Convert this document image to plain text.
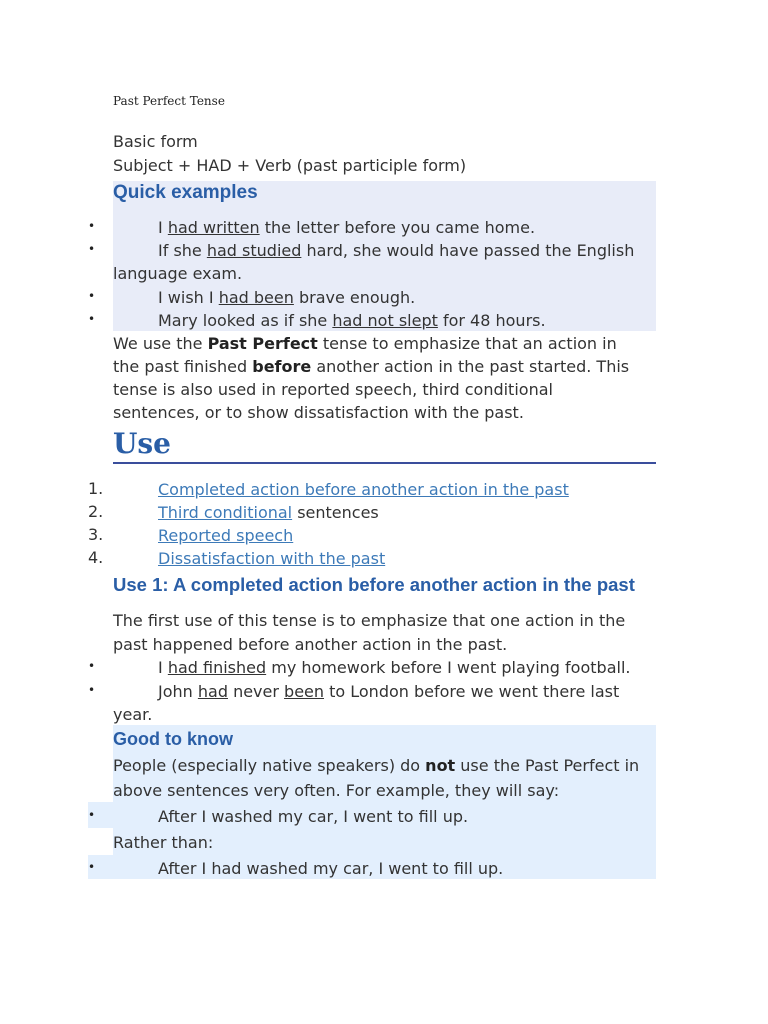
Past Perfect Tense
Basic form
Subject + HAD + Verb (past participle form)
Quick examples
•	I had written the letter before you came home.
•	If she had studied hard, she would have passed the English
language exam.
•	I wish I had been brave enough.
•	Mary looked as if she had not slept for 48 hours.
We use the Past Perfect tense to emphasize that an action in
the past finished before another action in the past started. This
tense is also used in reported speech, third conditional
sentences, or to show dissatisfaction with the past.
Use
1.	Completed action before another action in the past
2.	Third conditional sentences
3.	Reported speech
4.	Dissatisfaction with the past
Use 1: A completed action before another action in the past
The first use of this tense is to emphasize that one action in the
past happened before another action in the past.
•	I had finished my homework before I went playing football.
•	John had never been to London before we went there last
year.
Good to know
People (especially native speakers) do not use the Past Perfect in
above sentences very often. For example, they will say:
•	After I washed my car, I went to fill up.
Rather than:
•	After I had washed my car, I went to fill up.
